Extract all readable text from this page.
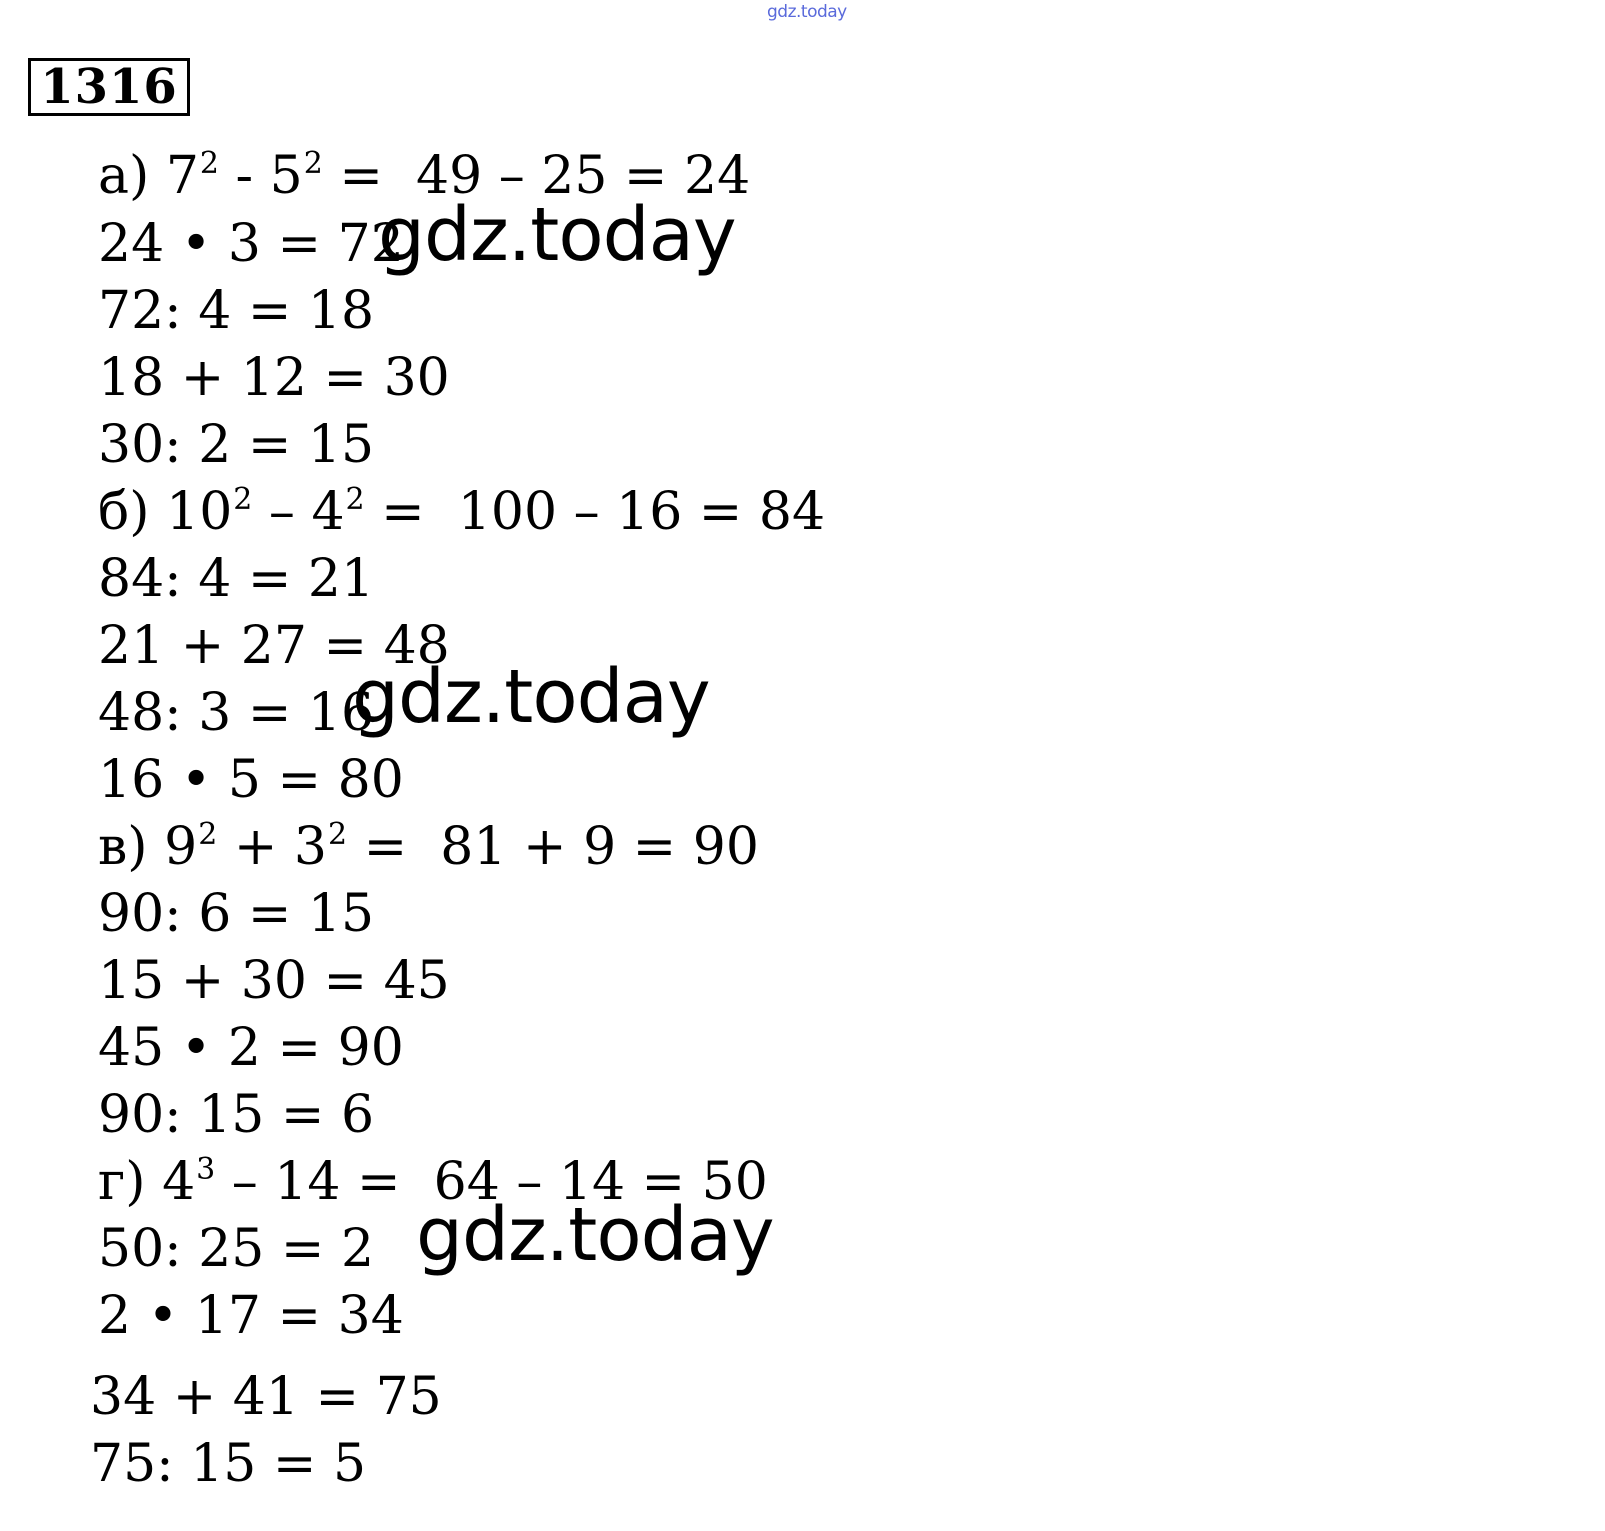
gdz.today
1316
а) $7^2 - 5^2 = 49 - 25 = 24$
24 • 3 = 72
72: 4 = 18
18 + 12 = 30
30: 2 = 15
б) $10^2 - 4^2 = 100 - 16 = 84$
84: 4 = 21
21 + 27 = 48
48: 3 = 16
16 • 5 = 80
в) $9^2 + 3^2 = 81 + 9 = 90$
90: 6 = 15
15 + 30 = 45
45 • 2 = 90
90: 15 = 6
г) $4^3 - 14 = 64 - 14 = 50$
50: 25 = 2
2 • 17 = 34
34 + 41 = 75
75: 15 = 5
gdz.today
gdz.today
gdz.today
